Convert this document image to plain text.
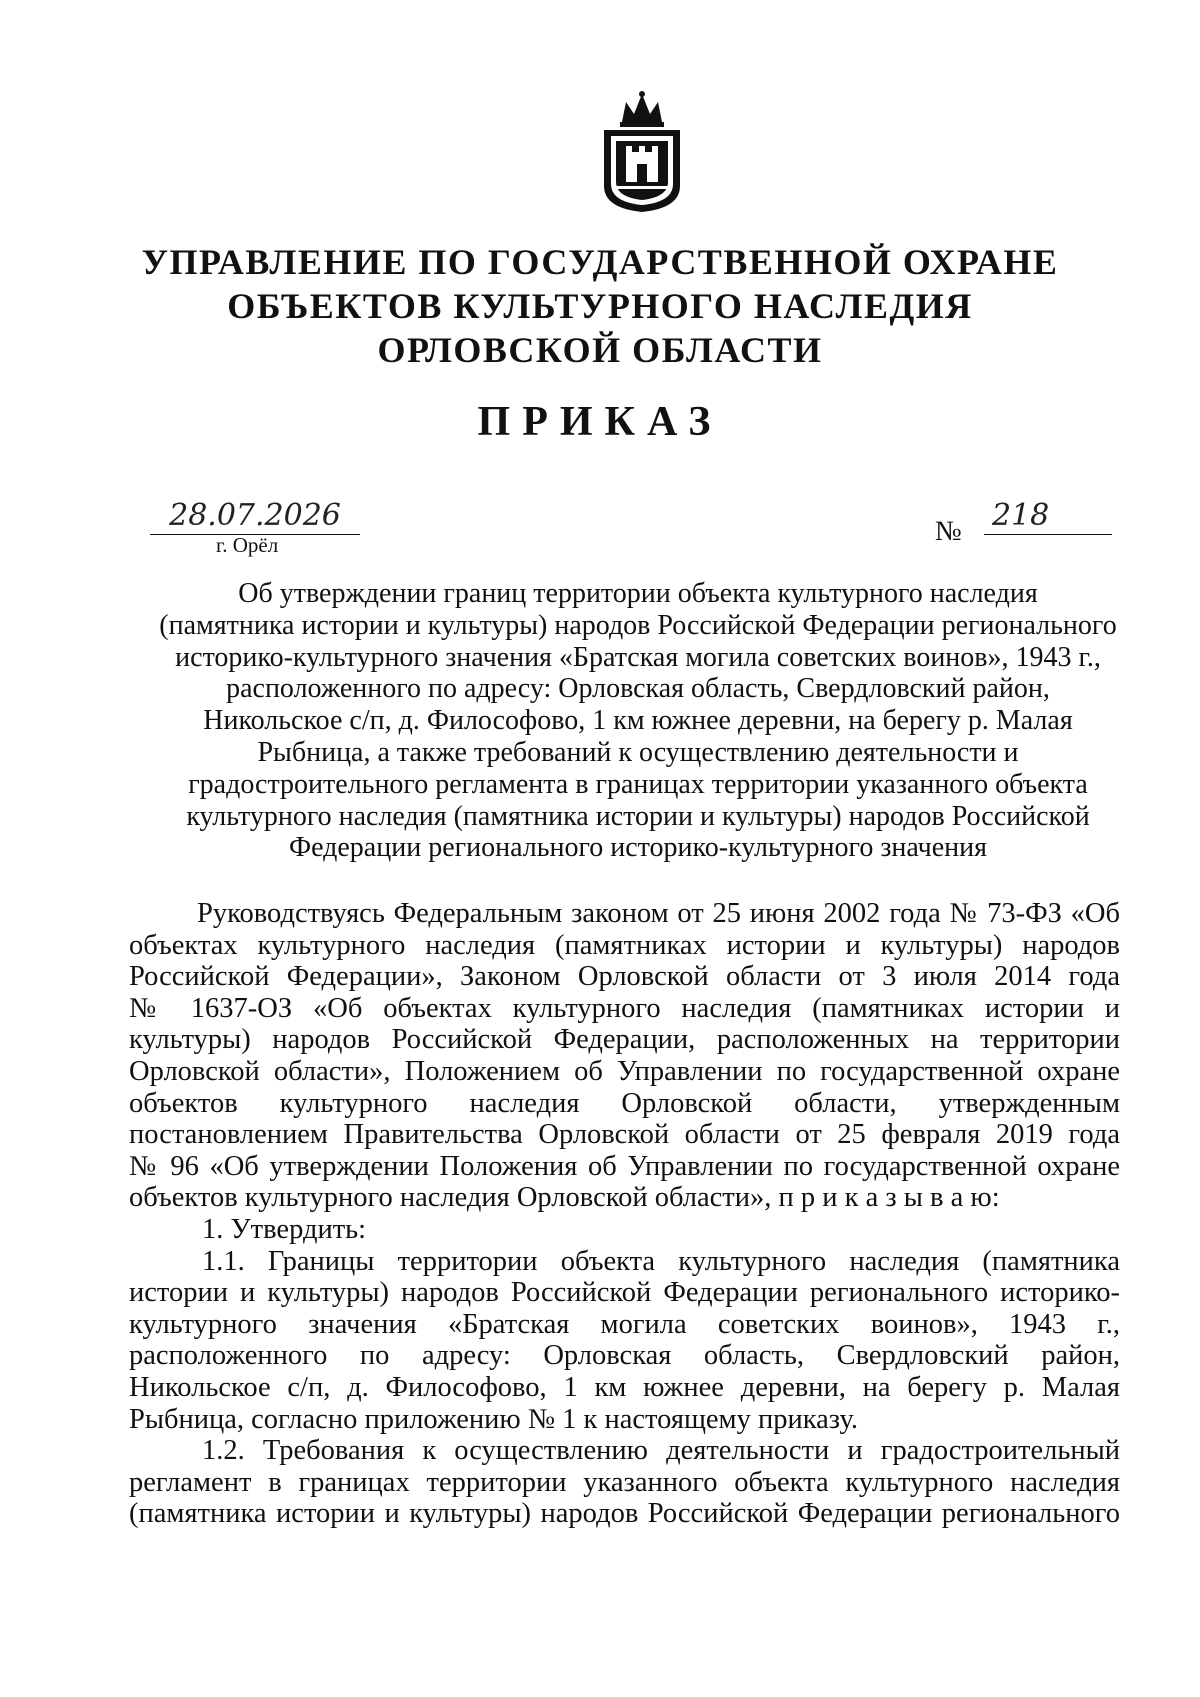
УПРАВЛЕНИЕ ПО ГОСУДАРСТВЕННОЙ ОХРАНЕ
ОБЪЕКТОВ КУЛЬТУРНОГО НАСЛЕДИЯ
ОРЛОВСКОЙ ОБЛАСТИ
ПРИКАЗ
28.07.2026
г. Орёл	№ 218
Об утверждении границ территории объекта культурного наследия
(памятника истории и культуры) народов Российской Федерации регионального
историко-культурного значения «Братская могила советских воинов», 1943 г.,
расположенного по адресу: Орловская область, Свердловский район,
Никольское с/п, д. Философово, 1 км южнее деревни, на берегу р. Малая
Рыбница, а также требований к осуществлению деятельности и
градостроительного регламента в границах территории указанного объекта
культурного наследия (памятника истории и культуры) народов Российской
Федерации регионального историко-культурного значения
Руководствуясь Федеральным законом от 25 июня 2002 года № 73-ФЗ «Об
объектах культурного наследия (памятниках истории и культуры) народов
Российской Федерации», Законом Орловской области от 3 июля 2014 года
№ 1637-ОЗ «Об объектах культурного наследия (памятниках истории и
культуры) народов Российской Федерации, расположенных на территории
Орловской области», Положением об Управлении по государственной охране
объектов культурного наследия Орловской области, утвержденным
постановлением Правительства Орловской области от 25 февраля 2019 года
№ 96 «Об утверждении Положения об Управлении по государственной охране
объектов культурного наследия Орловской области», п р и к а з ы в а ю:
1. Утвердить:
1.1. Границы территории объекта культурного наследия (памятника
истории и культуры) народов Российской Федерации регионального историко-
культурного значения «Братская могила советских воинов», 1943 г.,
расположенного по адресу: Орловская область, Свердловский район,
Никольское с/п, д. Философово, 1 км южнее деревни, на берегу р. Малая
Рыбница, согласно приложению № 1 к настоящему приказу.
1.2. Требования к осуществлению деятельности и градостроительный
регламент в границах территории указанного объекта культурного наследия
(памятника истории и культуры) народов Российской Федерации регионального
